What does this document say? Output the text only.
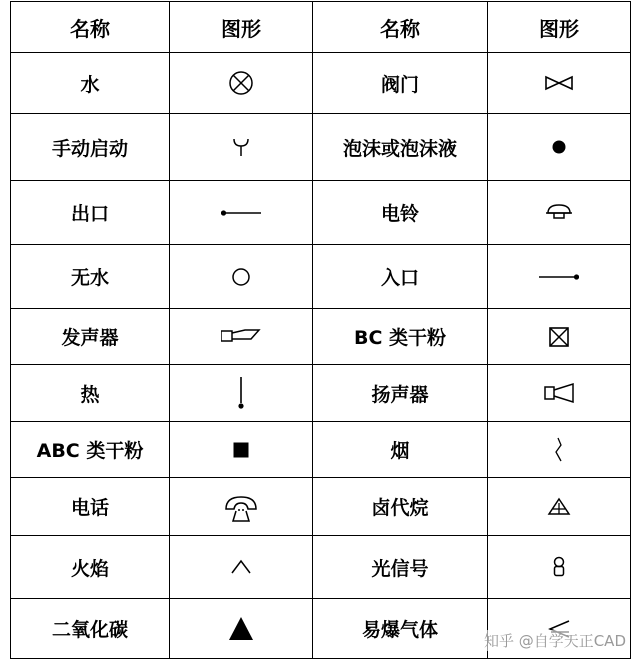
名称	图形	名称	图形
水		阀门	

手动启动		泡沫或泡沫液	

出口		电铃	

无水		入口	

发声器		BC 类干粉	

热		扬声器	

ABC 类干粉		烟	

电话		卤代烷	

火焰		光信号	

二氧化碳		易爆气体		知乎 @自学天正CAD
